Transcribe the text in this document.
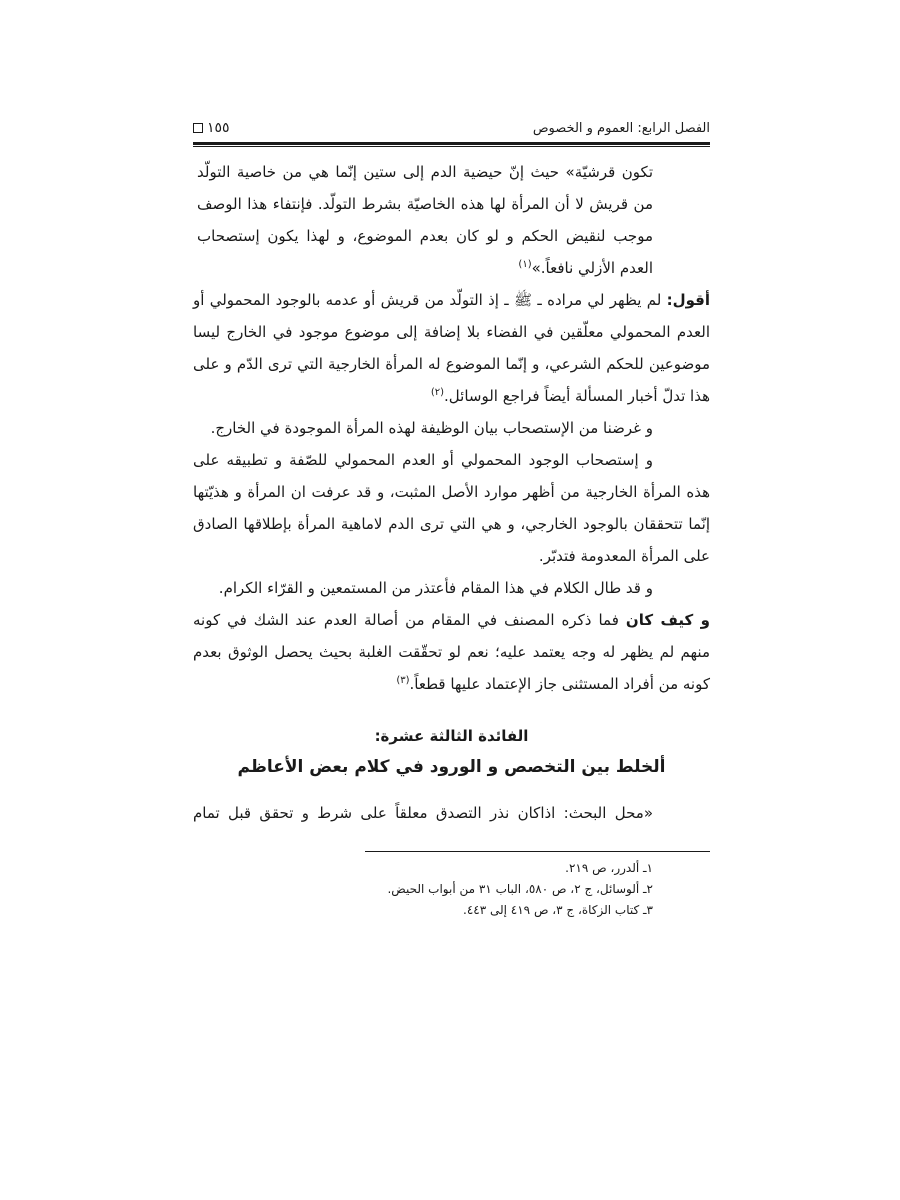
الفصل الرابع: العموم و الخصوص
١٥٥

تكون قرشيّة» حيث إنّ حيضية الدم إلى ستين إنّما هي من خاصية التولّد من قريش لا أن المرأة لها هذه الخاصيّة بشرط التولّد. فإنتفاء هذا الوصف موجب لنقيض الحكم و لو كان بعدم الموضوع، و لهذا يكون إستصحاب العدم الأزلي نافعاً.»$^{(١)}$

أقول: لم يظهر لي مراده ـ ﷺ ـ إذ التولّد من قريش أو عدمه بالوجود المحمولي أو العدم المحمولي معلّقين في الفضاء بلا إضافة إلى موضوع موجود في الخارج ليسا موضوعين للحكم الشرعي، و إنّما الموضوع له المرأة الخارجية التي ترى الدّم و على هذا تدلّ أخبار المسألة أيضاً فراجع الوسائل.$^{(٢)}$

و غرضنا من الإستصحاب بيان الوظيفة لهذه المرأة الموجودة في الخارج.

و إستصحاب الوجود المحمولي أو العدم المحمولي للصّفة و تطبيقه على هذه المرأة الخارجية من أظهر موارد الأصل المثبت، و قد عرفت ان المرأة و هذيّتها إنّما تتحققان بالوجود الخارجي، و هي التي ترى الدم لاماهية المرأة بإطلاقها الصادق على المرأة المعدومة فتدبّر.

و قد طال الكلام في هذا المقام فأعتذر من المستمعين و القرّاء الكرام.

و كيف كان فما ذكره المصنف في المقام من أصالة العدم عند الشك في كونه منهم لم يظهر له وجه يعتمد عليه؛ نعم لو تحقّقت الغلبة بحيث يحصل الوثوق بعدم كونه من أفراد المستثنى جاز الإعتماد عليها قطعاً.$^{(٣)}$

الفائدة الثالثة عشرة:
ألخلط بين التخصص و الورود في كلام بعض الأعاظم
«محل البحث: اذاكان نذر التصدق معلقاً على شرط و تحقق قبل تمام
١ـ ألدرر، ص ٢١٩.
٢ـ ألوسائل، ج ٢، ص ٥٨٠، الباب ٣١ من أبواب الحيض.
٣ـ كتاب الزكاة، ج ٣، ص ٤١٩ إلى ٤٤٣.
